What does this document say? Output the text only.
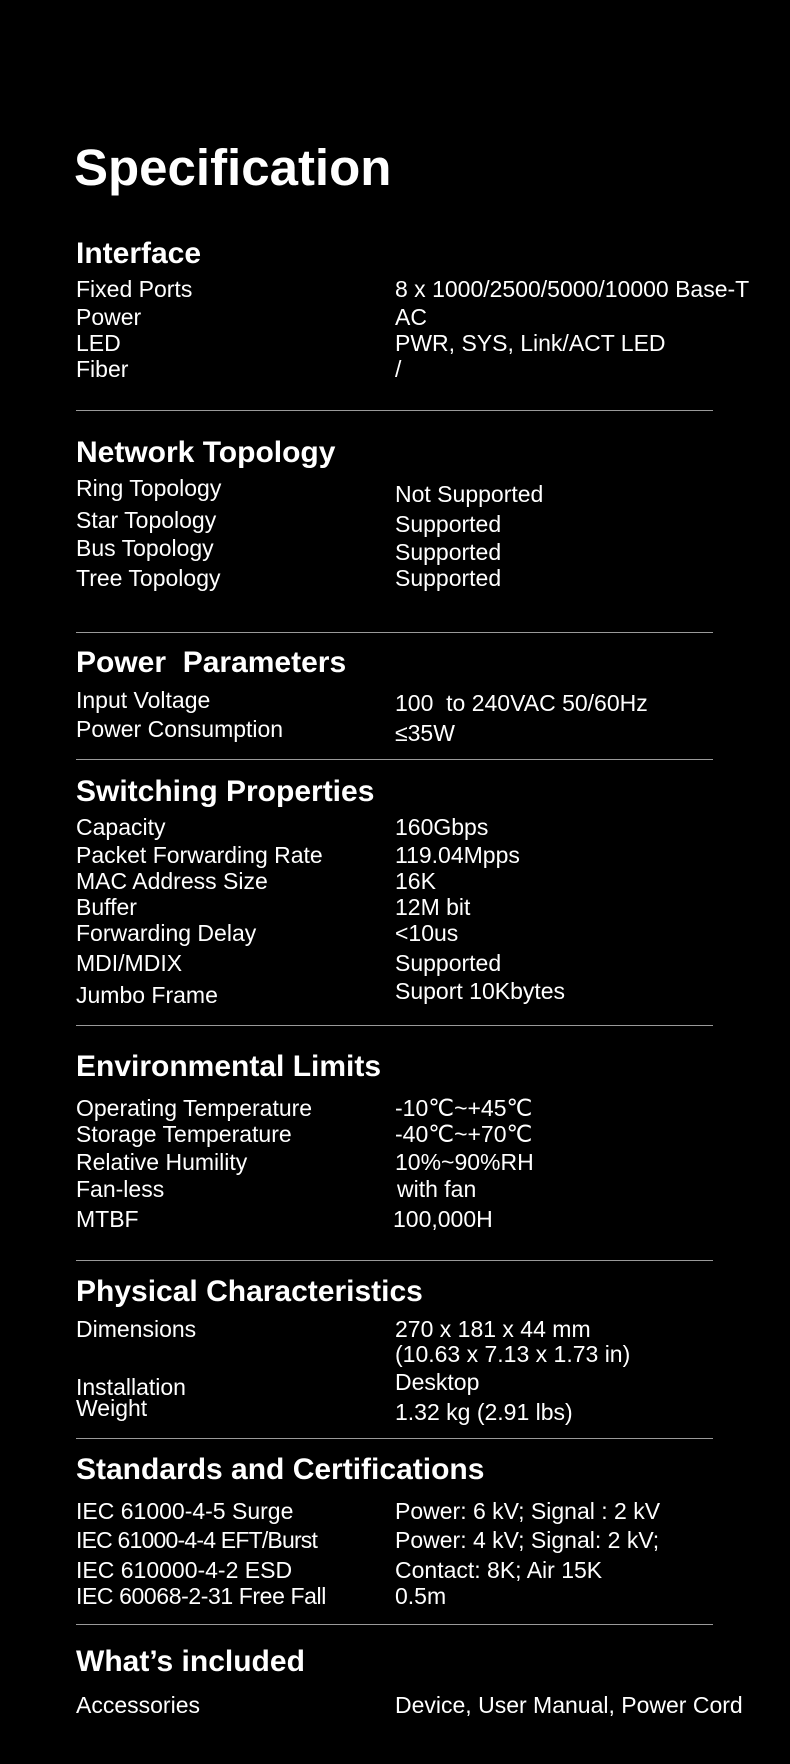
Specification
Interface
Fixed Ports	8 x 1000/2500/5000/10000 Base-T
Power	AC
LED	PWR, SYS, Link/ACT LED
Fiber	/
Network Topology
Ring Topology	Not Supported
Star Topology	Supported
Bus Topology	Supported
Tree Topology	Supported
Power  Parameters
Input Voltage	100  to 240VAC 50/60Hz
Power Consumption	≤35W
Switching Properties
Capacity	160Gbps
Packet Forwarding Rate	119.04Mpps
MAC Address Size	16K
Buffer	12M bit
Forwarding Delay	<10us
MDI/MDIX	Supported
Jumbo Frame	Suport 10Kbytes
Environmental Limits
Operating Temperature	-10℃~+45℃
Storage Temperature	-40℃~+70℃
Relative Humility	10%~90%RH
Fan-less	with fan
MTBF	100,000H
Physical Characteristics
Dimensions	270 x 181 x 44 mm
(10.63 x 7.13 x 1.73 in)
Installation	Desktop
Weight	1.32 kg (2.91 lbs)
Standards and Certifications
IEC 61000-4-5 Surge	Power: 6 kV; Signal : 2 kV
IEC 61000-4-4 EFT/Burst	Power: 4 kV; Signal: 2 kV;
IEC 610000-4-2 ESD	Contact: 8K; Air 15K
IEC 60068-2-31 Free Fall	0.5m
What’s included
Accessories	Device, User Manual, Power Cord
